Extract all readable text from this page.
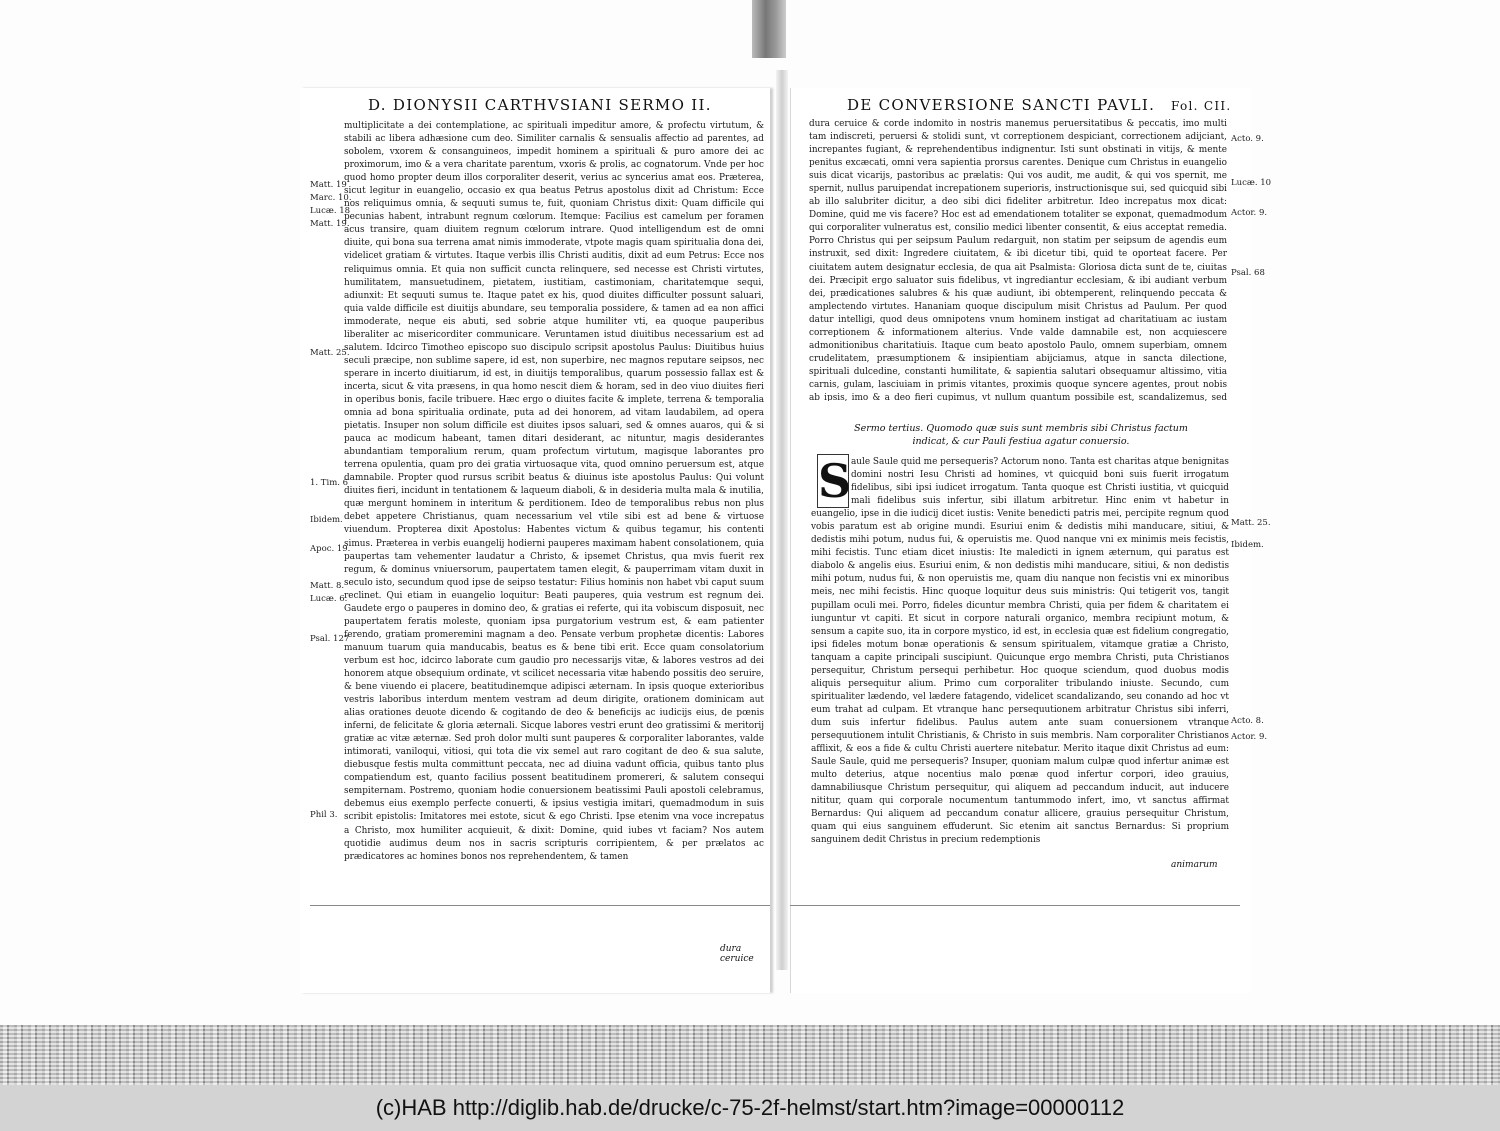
D. DIONYSII CARTHVSIANI SERMO II.
Matt. 19
Marc. 10.
Lucæ. 18
Matt. 19.
Matt. 25.
1. Tim. 6
Ibidem.
Apoc. 19.
Matt. 8.
Lucæ. 6.
Psal. 127
Phil 3.
multiplicitate a dei contemplatione, ac spirituali impeditur amore, & profectu virtutum, & stabili ac libera adhæsione cum deo. Similiter carnalis & sensualis affectio ad parentes, ad sobolem, vxorem & consanguineos, impedit hominem a spirituali & puro amore dei ac proximorum, imo & a vera charitate parentum, vxoris & prolis, ac cognatorum. Vnde per hoc quod homo propter deum illos corporaliter deserit, verius ac syncerius amat eos. Præterea, sicut legitur in euangelio, occasio ex qua beatus Petrus apostolus dixit ad Christum: Ecce nos reliquimus omnia, & sequuti sumus te, fuit, quoniam Christus dixit: Quam difficile qui pecunias habent, intrabunt regnum cœlorum. Itemque: Facilius est camelum per foramen acus transire, quam diuitem regnum cœlorum intrare. Quod intelligendum est de omni diuite, qui bona sua terrena amat nimis immoderate, vtpote magis quam spiritualia dona dei, videlicet gratiam & virtutes. Itaque verbis illis Christi auditis, dixit ad eum Petrus: Ecce nos reliquimus omnia. Et quia non sufficit cuncta relinquere, sed necesse est Christi virtutes, humilitatem, mansuetudinem, pietatem, iustitiam, castimoniam, charitatemque sequi, adiunxit: Et sequuti sumus te. Itaque patet ex his, quod diuites difficulter possunt saluari, quia valde difficile est diuitijs abundare, seu temporalia possidere, & tamen ad ea non affici immoderate, neque eis abuti, sed sobrie atque humiliter vti, ea quoque pauperibus liberaliter ac misericorditer communicare. Veruntamen istud diuitibus necessarium est ad salutem. Idcirco Timotheo episcopo suo discipulo scripsit apostolus Paulus: Diuitibus huius seculi præcipe, non sublime sapere, id est, non superbire, nec magnos reputare seipsos, nec sperare in incerto diuitiarum, id est, in diuitijs temporalibus, quarum possessio fallax est & incerta, sicut & vita præsens, in qua homo nescit diem & horam, sed in deo viuo diuites fieri in operibus bonis, facile tribuere. Hæc ergo o diuites facite & implete, terrena & temporalia omnia ad bona spiritualia ordinate, puta ad dei honorem, ad vitam laudabilem, ad opera pietatis. Insuper non solum difficile est diuites ipsos saluari, sed & omnes auaros, qui & si pauca ac modicum habeant, tamen ditari desiderant, ac nituntur, magis desiderantes abundantiam temporalium rerum, quam profectum virtutum, magisque laborantes pro terrena opulentia, quam pro dei gratia virtuosaque vita, quod omnino peruersum est, atque damnabile. Propter quod rursus scribit beatus & diuinus iste apostolus Paulus: Qui volunt diuites fieri, incidunt in tentationem & laqueum diaboli, & in desideria multa mala & inutilia, quæ mergunt hominem in interitum & perditionem. Ideo de temporalibus rebus non plus debet appetere Christianus, quam necessarium vel vtile sibi est ad bene & virtuose viuendum. Propterea dixit Apostolus: Habentes victum & quibus tegamur, his contenti simus. Præterea in verbis euangelij hodierni pauperes maximam habent consolationem, quia paupertas tam vehementer laudatur a Christo, & ipsemet Christus, qua mvis fuerit rex regum, & dominus vniuersorum, paupertatem tamen elegit, & pauperrimam vitam duxit in seculo isto, secundum quod ipse de seipso testatur: Filius hominis non habet vbi caput suum reclinet. Qui etiam in euangelio loquitur: Beati pauperes, quia vestrum est regnum dei. Gaudete ergo o pauperes in domino deo, & gratias ei referte, qui ita vobiscum disposuit, nec paupertatem feratis moleste, quoniam ipsa purgatorium vestrum est, & eam patienter ferendo, gratiam promeremini magnam a deo. Pensate verbum prophetæ dicentis: Labores manuum tuarum quia manducabis, beatus es & bene tibi erit. Ecce quam consolatorium verbum est hoc, idcirco laborate cum gaudio pro necessarijs vitæ, & labores vestros ad dei honorem atque obsequium ordinate, vt scilicet necessaria vitæ habendo possitis deo seruire, & bene viuendo ei placere, beatitudinemque adipisci æternam. In ipsis quoque exterioribus vestris laboribus interdum mentem vestram ad deum dirigite, orationem dominicam aut alias orationes deuote dicendo & cogitando de deo & beneficijs ac iudicijs eius, de pœnis inferni, de felicitate & gloria æternali. Sicque labores vestri erunt deo gratissimi & meritorij gratiæ ac vitæ æternæ. Sed proh dolor multi sunt pauperes & corporaliter laborantes, valde intimorati, vaniloqui, vitiosi, qui tota die vix semel aut raro cogitant de deo & sua salute, diebusque festis multa committunt peccata, nec ad diuina vadunt officia, quibus tanto plus compatiendum est, quanto facilius possent beatitudinem promereri, & salutem consequi sempiternam. Postremo, quoniam hodie conuersionem beatissimi Pauli apostoli celebramus, debemus eius exemplo perfecte conuerti, & ipsius vestigia imitari, quemadmodum in suis scribit epistolis: Imitatores mei estote, sicut & ego Christi. Ipse etenim vna voce increpatus a Christo, mox humiliter acquieuit, & dixit: Domine, quid iubes vt faciam? Nos autem quotidie audimus deum nos in sacris scripturis corripientem, & per prælatos ac prædicatores ac homines bonos nos reprehendentem, & tamen
dura ceruice
DE CONVERSIONE SANCTI PAVLI. Fol. CII.
Acto. 9.
Lucæ. 10
Actor. 9.
Psal. 68
Matt. 25.
Ibidem.
Acto. 8.
Actor. 9.
dura ceruice & corde indomito in nostris manemus peruersitatibus & peccatis, imo multi tam indiscreti, peruersi & stolidi sunt, vt correptionem despiciant, correctionem adijciant, increpantes fugiant, & reprehendentibus indignentur. Isti sunt obstinati in vitijs, & mente penitus excæcati, omni vera sapientia prorsus carentes. Denique cum Christus in euangelio suis dicat vicarijs, pastoribus ac prælatis: Qui vos audit, me audit, & qui vos spernit, me spernit, nullus paruipendat increpationem superioris, instructionisque sui, sed quicquid sibi ab illo salubriter dicitur, a deo sibi dici fideliter arbitretur. Ideo increpatus mox dicat: Domine, quid me vis facere? Hoc est ad emendationem totaliter se exponat, quemadmodum qui corporaliter vulneratus est, consilio medici libenter consentit, & eius acceptat remedia. Porro Christus qui per seipsum Paulum redarguit, non statim per seipsum de agendis eum instruxit, sed dixit: Ingredere ciuitatem, & ibi dicetur tibi, quid te oporteat facere. Per ciuitatem autem designatur ecclesia, de qua ait Psalmista: Gloriosa dicta sunt de te, ciuitas dei. Præcipit ergo saluator suis fidelibus, vt ingrediantur ecclesiam, & ibi audiant verbum dei, prædicationes salubres & his quæ audiunt, ibi obtemperent, relinquendo peccata & amplectendo virtutes. Hananiam quoque discipulum misit Christus ad Paulum. Per quod datur intelligi, quod deus omnipotens vnum hominem instigat ad charitatiuam ac iustam correptionem & informationem alterius. Vnde valde damnabile est, non acquiescere admonitionibus charitatiuis. Itaque cum beato apostolo Paulo, omnem superbiam, omnem crudelitatem, præsumptionem & insipientiam abijciamus, atque in sancta dilectione, spirituali dulcedine, constanti humilitate, & sapientia salutari obsequamur altissimo, vitia carnis, gulam, lasciuiam in primis vitantes, proximis quoque syncere agentes, prout nobis ab ipsis, imo & a deo fieri cupimus, vt nullum quantum possibile est, scandalizemus, sed
Sermo tertius. Quomodo quæ suis sunt membris sibi Christus factum indicat, & cur Pauli festiua agatur conuersio.
S aule Saule quid me persequeris? Actorum nono. Tanta est charitas atque benignitas domini nostri Iesu Christi ad homines, vt quicquid boni suis fuerit irrogatum fidelibus, sibi ipsi iudicet irrogatum. Tanta quoque est Christi iustitia, vt quicquid mali fidelibus suis infertur, sibi illatum arbitretur. Hinc enim vt habetur in euangelio, ipse in die iudicij dicet iustis: Venite benedicti patris mei, percipite regnum quod vobis paratum est ab origine mundi. Esuriui enim & dedistis mihi manducare, sitiui, & dedistis mihi potum, nudus fui, & operuistis me. Quod nanque vni ex minimis meis fecistis, mihi fecistis. Tunc etiam dicet iniustis: Ite maledicti in ignem æternum, qui paratus est diabolo & angelis eius. Esuriui enim, & non dedistis mihi manducare, sitiui, & non dedistis mihi potum, nudus fui, & non operuistis me, quam diu nanque non fecistis vni ex minoribus meis, nec mihi fecistis. Hinc quoque loquitur deus suis ministris: Qui tetigerit vos, tangit pupillam oculi mei. Porro, fideles dicuntur membra Christi, quia per fidem & charitatem ei iunguntur vt capiti. Et sicut in corpore naturali organico, membra recipiunt motum, & sensum a capite suo, ita in corpore mystico, id est, in ecclesia quæ est fidelium congregatio, ipsi fideles motum bonæ operationis & sensum spiritualem, vitamque gratiæ a Christo, tanquam a capite principali suscipiunt. Quicunque ergo membra Christi, puta Christianos persequitur, Christum persequi perhibetur. Hoc quoque sciendum, quod duobus modis aliquis persequitur alium. Primo cum corporaliter tribulando iniuste. Secundo, cum spiritualiter lædendo, vel lædere fatagendo, videlicet scandalizando, seu conando ad hoc vt eum trahat ad culpam. Et vtranque hanc persequutionem arbitratur Christus sibi inferri, dum suis infertur fidelibus. Paulus autem ante suam conuersionem vtranque persequutionem intulit Christianis, & Christo in suis membris. Nam corporaliter Christianos afflixit, & eos a fide & cultu Christi auertere nitebatur. Merito itaque dixit Christus ad eum: Saule Saule, quid me persequeris? Insuper, quoniam malum culpæ quod infertur animæ est multo deterius, atque nocentius malo pœnæ quod infertur corpori, ideo grauius, damnabiliusque Christum persequitur, qui aliquem ad peccandum inducit, aut inducere nititur, quam qui corporale nocumentum tantummodo infert, imo, vt sanctus affirmat Bernardus: Qui aliquem ad peccandum conatur allicere, grauius persequitur Christum, quam qui eius sanguinem effuderunt. Sic etenim ait sanctus Bernardus: Si proprium sanguinem dedit Christus in precium redemptionis
animarum
(c)HAB http://diglib.hab.de/drucke/c-75-2f-helmst/start.htm?image=00000112
